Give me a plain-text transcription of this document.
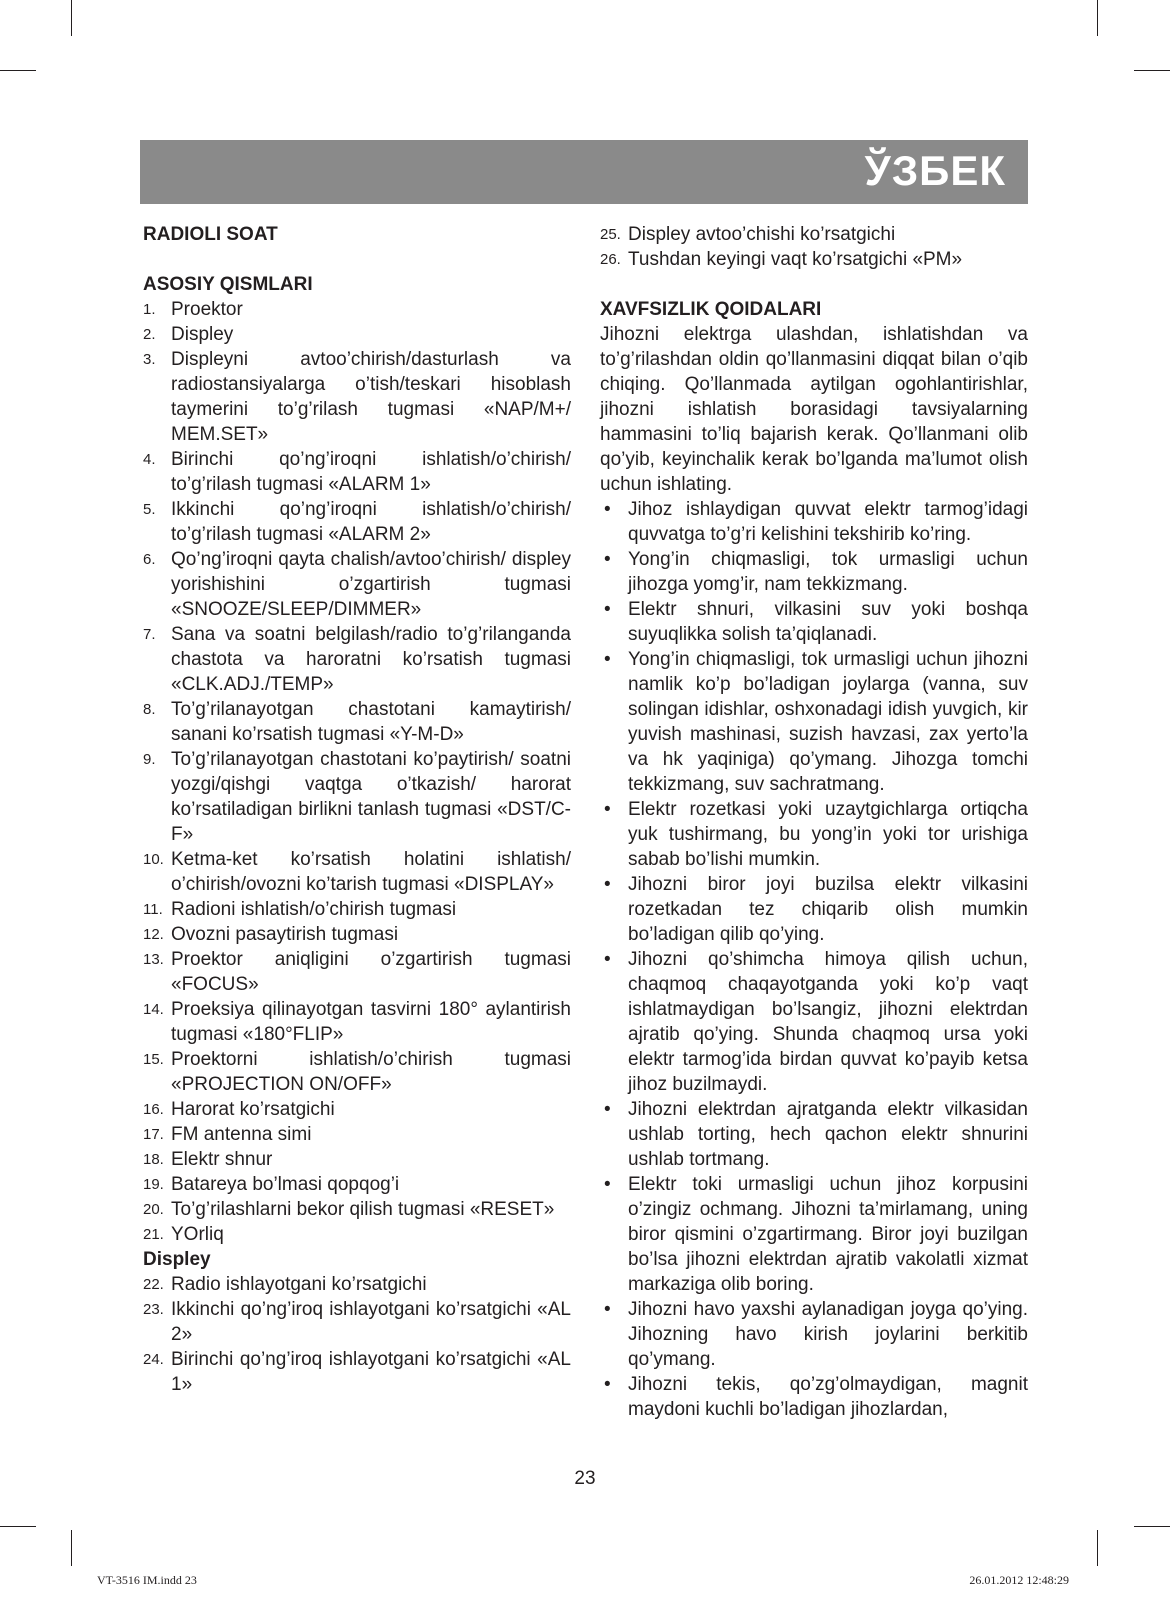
ЎЗБЕК

RADIOLI SOAT

ASOSIY QISMLARI

1. Proektor
2. Displey
3. Displeyni avtoo’chirish/dasturlash va radiostansiyalarga o’tish/teskari hisoblash taymerini to’g’rilash tugmasi «NAP/M+/ MEM.SET»
4. Birinchi qo’ng’iroqni ishlatish/o’chirish/ to’g’rilash tugmasi «ALARM 1»
5. Ikkinchi qo’ng’iroqni ishlatish/o’chirish/ to’g’rilash tugmasi «ALARM 2»
6. Qo’ng’iroqni qayta chalish/avtoo’chirish/ displey yorishishini o’zgartirish tugmasi «SNOOZE/SLEEP/DIMMER»
7. Sana va soatni belgilash/radio to’g’rilanganda chastota va haroratni ko’rsatish tugmasi «CLK.ADJ./TEMP»
8. To’g’rilanayotgan chastotani kamaytirish/ sanani ko’rsatish tugmasi «Y-M-D»
9. To’g’rilanayotgan chastotani ko’paytirish/ soatni yozgi/qishgi vaqtga o’tkazish/ harorat ko’rsatiladigan birlikni tanlash tugmasi «DST/C-F»
10. Ketma-ket ko’rsatish holatini ishlatish/ o’chirish/ovozni ko’tarish tugmasi «DISPLAY»
11. Radioni ishlatish/o’chirish tugmasi
12. Ovozni pasaytirish tugmasi
13. Proektor aniqligini o’zgartirish tugmasi «FOCUS»
14. Proeksiya qilinayotgan tasvirni 180° aylantirish tugmasi «180°FLIP»
15. Proektorni ishlatish/o’chirish tugmasi «PROJECTION ON/OFF»
16. Harorat ko’rsatgichi
17. FM antenna simi
18. Elektr shnur
19. Batareya bo’lmasi qopqog’i
20. To’g’rilashlarni bekor qilish tugmasi «RESET»
21. YOrliq

Displey

22. Radio ishlayotgani ko’rsatgichi
23. Ikkinchi qo’ng’iroq ishlayotgani ko’rsatgichi «AL 2»
24. Birinchi qo’ng’iroq ishlayotgani ko’rsatgichi «AL 1»
25. Displey avtoo’chishi ko’rsatgichi
26. Tushdan keyingi vaqt ko’rsatgichi «PM»

XAVFSIZLIK QOIDALARI

Jihozni elektrga ulashdan, ishlatishdan va to’g’rilashdan oldin qo’llanmasini diqqat bilan o’qib chiqing. Qo’llanmada aytilgan ogohlantirishlar, jihozni ishlatish borasidagi tavsiyalarning hammasini to’liq bajarish kerak. Qo’llanmani olib qo’yib, keyinchalik kerak bo’lganda ma’lumot olish uchun ishlating.

• Jihoz ishlaydigan quvvat elektr tarmog’idagi quvvatga to’g’ri kelishini tekshirib ko’ring.
• Yong’in chiqmasligi, tok urmasligi uchun jihozga yomg’ir, nam tekkizmang.
• Elektr shnuri, vilkasini suv yoki boshqa suyuqlikka solish ta’qiqlanadi.
• Yong’in chiqmasligi, tok urmasligi uchun jihozni namlik ko’p bo’ladigan joylarga (vanna, suv solingan idishlar, oshxonadagi idish yuvgich, kir yuvish mashinasi, suzish havzasi, zax yerto’la va hk yaqiniga) qo’ymang. Jihozga tomchi tekkizmang, suv sachratmang.
• Elektr rozetkasi yoki uzaytgichlarga ortiqcha yuk tushirmang, bu yong’in yoki tor urishiga sabab bo’lishi mumkin.
• Jihozni biror joyi buzilsa elektr vilkasini rozetkadan tez chiqarib olish mumkin bo’ladigan qilib qo’ying.
• Jihozni qo’shimcha himoya qilish uchun, chaqmoq chaqayotganda yoki ko’p vaqt ishlatmaydigan bo’lsangiz, jihozni elektrdan ajratib qo’ying. Shunda chaqmoq ursa yoki elektr tarmog’ida birdan quvvat ko’payib ketsa jihoz buzilmaydi.
• Jihozni elektrdan ajratganda elektr vilkasidan ushlab torting, hech qachon elektr shnurini ushlab tortmang.
• Elektr toki urmasligi uchun jihoz korpusini o’zingiz ochmang. Jihozni ta’mirlamang, uning biror qismini o’zgartirmang. Biror joyi buzilgan bo’lsa jihozni elektrdan ajratib vakolatli xizmat markaziga olib boring.
• Jihozni havo yaxshi aylanadigan joyga qo’ying. Jihozning havo kirish joylarini berkitib qo’ymang.
• Jihozni tekis, qo’zg’olmaydigan, magnit maydoni kuchli bo’ladigan jihozlardan,
23
VT-3516 IM.indd 23	26.01.2012 12:48:29
